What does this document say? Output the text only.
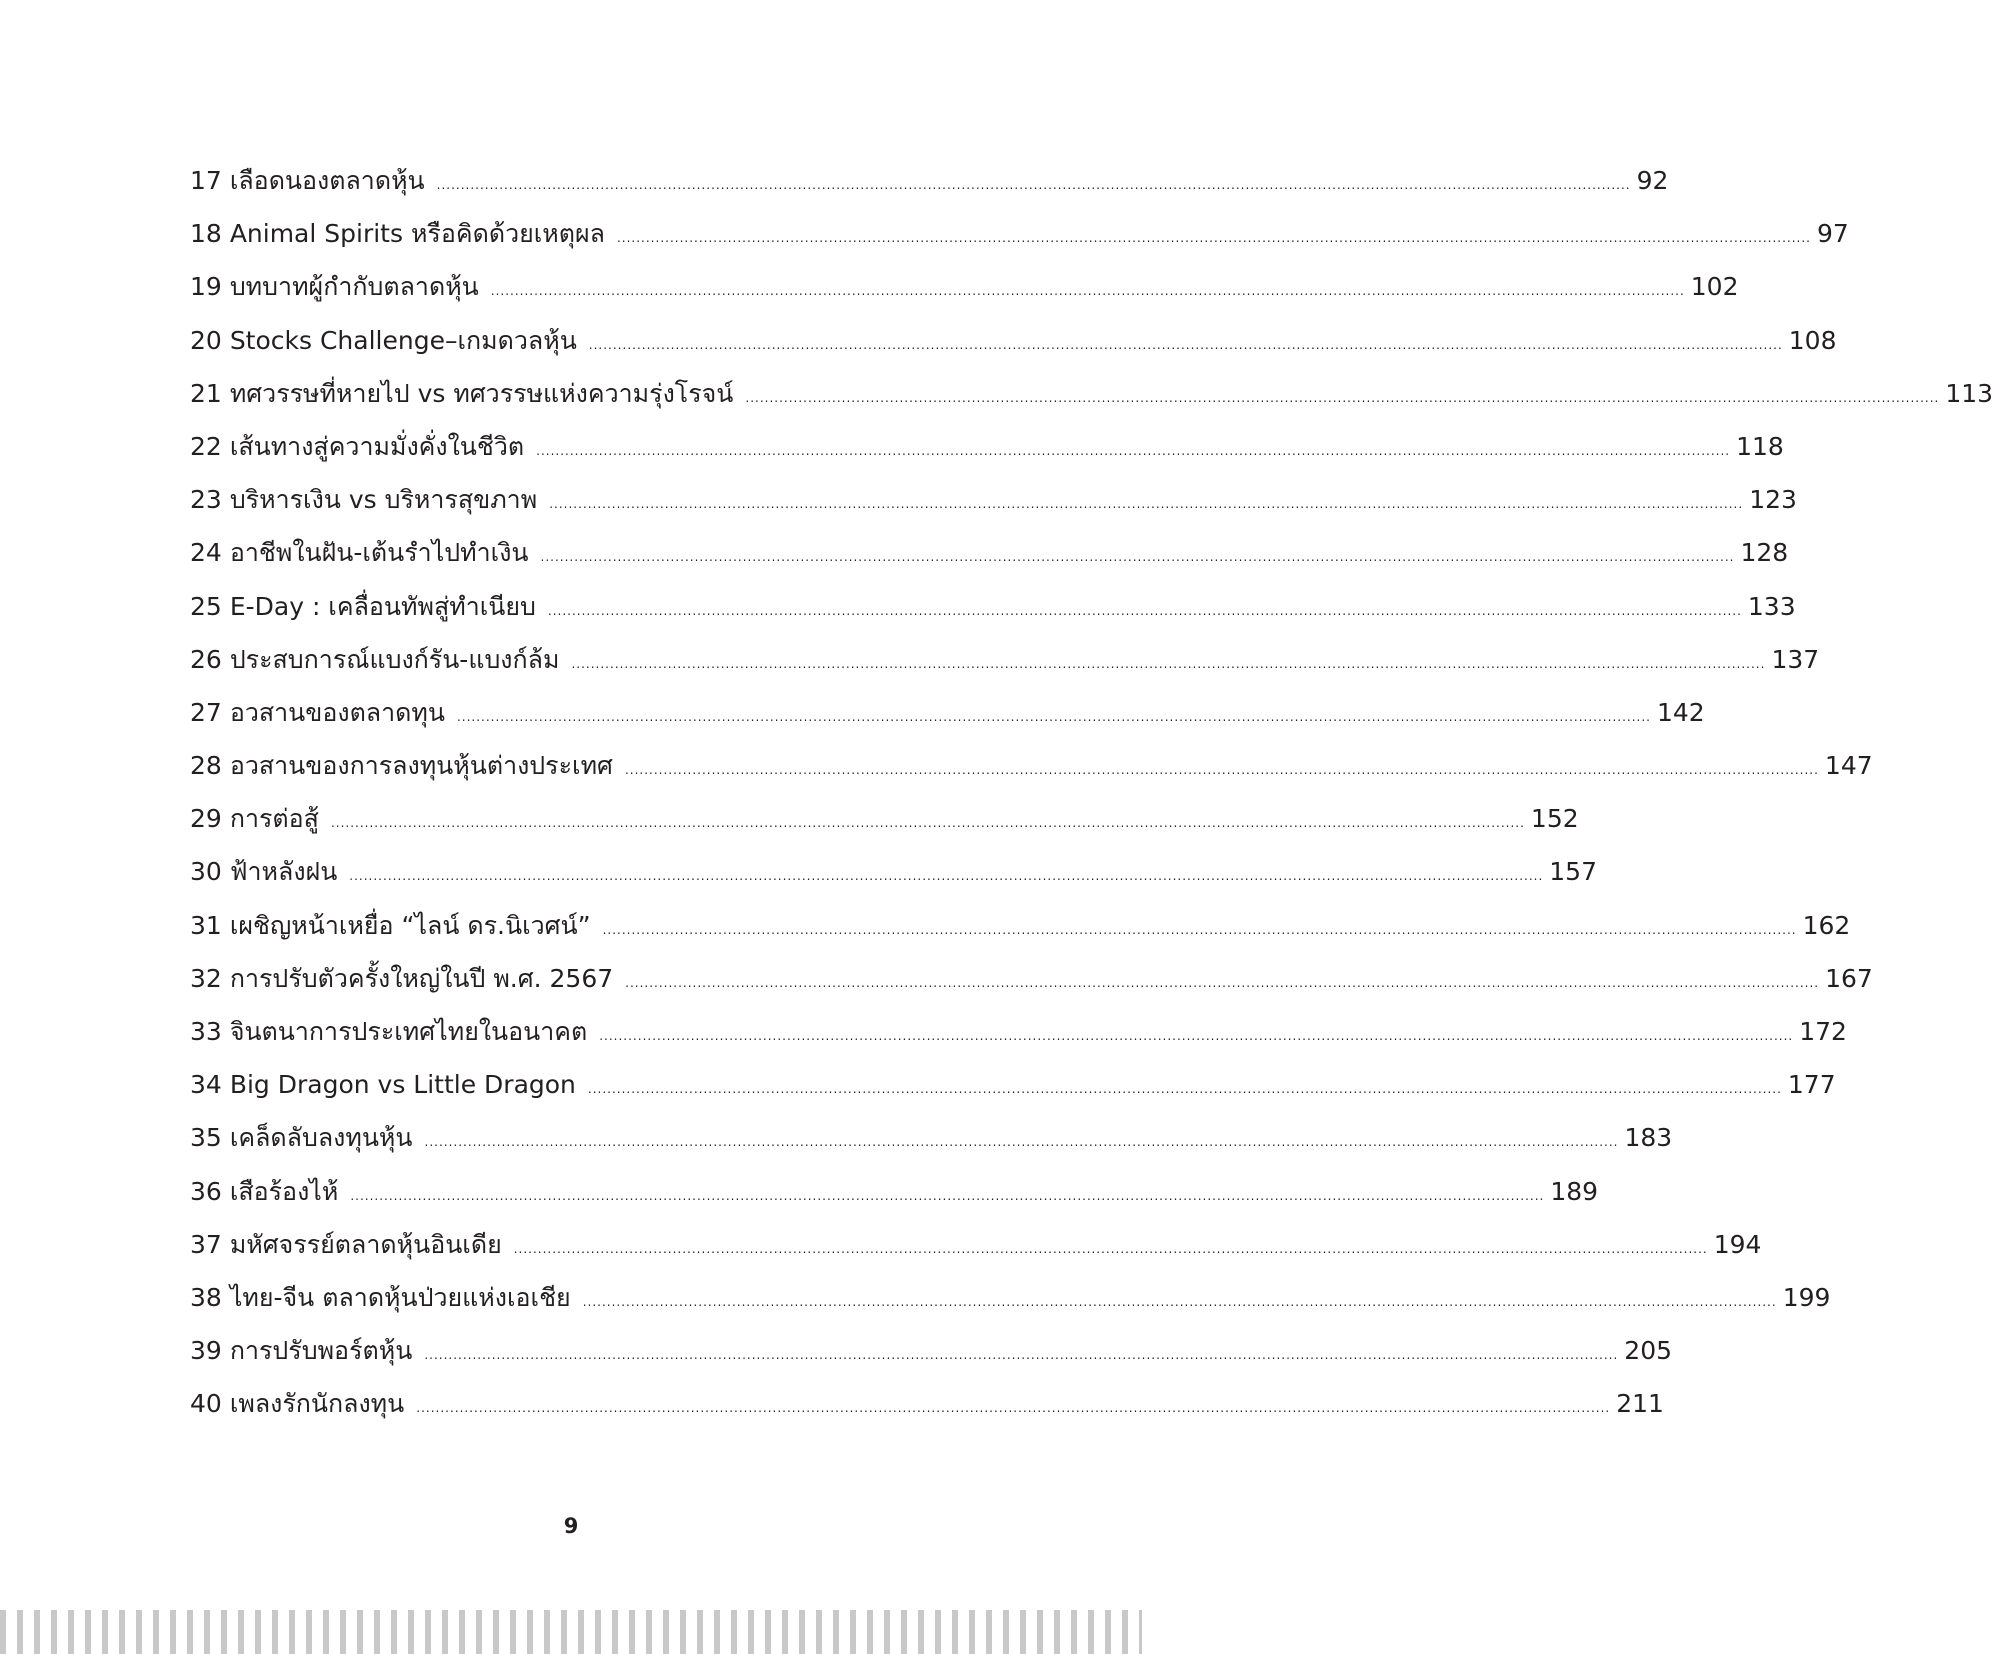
17 เลือดนองตลาดหุ้น ........................................................................................................................................................................................................................................................ 92
18 Animal Spirits หรือคิดด้วยเหตุผล ........................................................................................................................................................................................................................................................ 97
19 บทบาทผู้กำกับตลาดหุ้น ........................................................................................................................................................................................................................................................ 102
20 Stocks Challenge–เกมดวลหุ้น ........................................................................................................................................................................................................................................................ 108
21 ทศวรรษที่หายไป vs ทศวรรษแห่งความรุ่งโรจน์ ........................................................................................................................................................................................................................................................ 113
22 เส้นทางสู่ความมั่งคั่งในชีวิต ........................................................................................................................................................................................................................................................ 118
23 บริหารเงิน vs บริหารสุขภาพ ........................................................................................................................................................................................................................................................ 123
24 อาชีพในฝัน-เต้นรำไปทำเงิน ........................................................................................................................................................................................................................................................ 128
25 E-Day : เคลื่อนทัพสู่ทำเนียบ ........................................................................................................................................................................................................................................................ 133
26 ประสบการณ์แบงก์รัน-แบงก์ล้ม ........................................................................................................................................................................................................................................................ 137
27 อวสานของตลาดทุน ........................................................................................................................................................................................................................................................ 142
28 อวสานของการลงทุนหุ้นต่างประเทศ ........................................................................................................................................................................................................................................................ 147
29 การต่อสู้ ........................................................................................................................................................................................................................................................ 152
30 ฟ้าหลังฝน ........................................................................................................................................................................................................................................................ 157
31 เผชิญหน้าเหยื่อ “ไลน์ ดร.นิเวศน์” ........................................................................................................................................................................................................................................................ 162
32 การปรับตัวครั้งใหญ่ในปี พ.ศ. 2567 ........................................................................................................................................................................................................................................................ 167
33 จินตนาการประเทศไทยในอนาคต ........................................................................................................................................................................................................................................................ 172
34 Big Dragon vs Little Dragon ........................................................................................................................................................................................................................................................ 177
35 เคล็ดลับลงทุนหุ้น ........................................................................................................................................................................................................................................................ 183
36 เสือร้องไห้ ........................................................................................................................................................................................................................................................ 189
37 มหัศจรรย์ตลาดหุ้นอินเดีย ........................................................................................................................................................................................................................................................ 194
38 ไทย-จีน ตลาดหุ้นป่วยแห่งเอเชีย ........................................................................................................................................................................................................................................................ 199
39 การปรับพอร์ตหุ้น ........................................................................................................................................................................................................................................................ 205
40 เพลงรักนักลงทุน ........................................................................................................................................................................................................................................................ 211
9
